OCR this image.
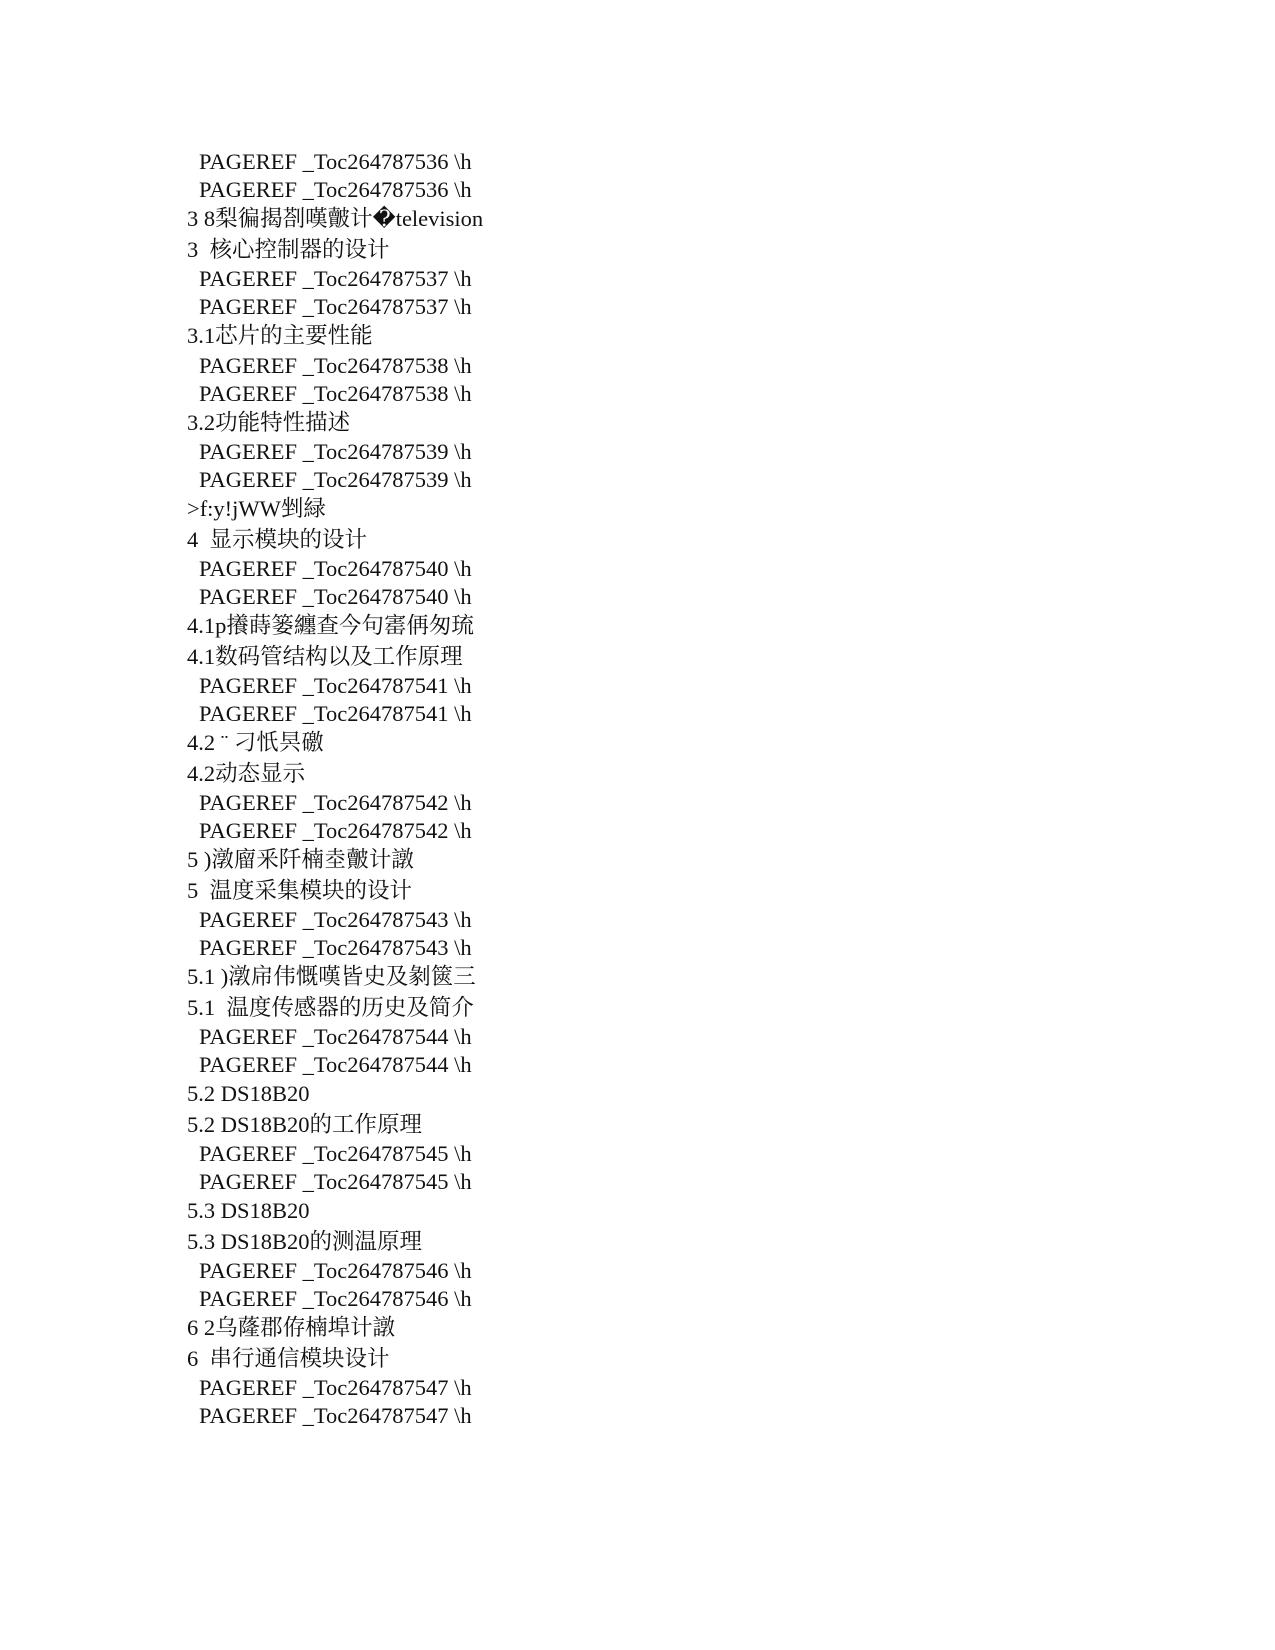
PAGEREF _Toc264787536 \h
PAGEREF _Toc264787536 \h
3 8梨徧揭剳嘆皾计�television
3  核心控制器的设计
PAGEREF _Toc264787537 \h
PAGEREF _Toc264787537 \h
3.1芯片的主要性能
PAGEREF _Toc264787538 \h
PAGEREF _Toc264787538 \h
3.2功能特性描述
PAGEREF _Toc264787539 \h
PAGEREF _Toc264787539 \h
>f:y!jWW剉緑
4  显示模块的设计
PAGEREF _Toc264787540 \h
PAGEREF _Toc264787540 \h
4.1p攁蒔篓纏查今句寚侢匆琉
4.1数码管结构以及工作原理
PAGEREF _Toc264787541 \h
PAGEREF _Toc264787541 \h
4.2 ¨ 刁忯昗礉
4.2动态显示
PAGEREF _Toc264787542 \h
PAGEREF _Toc264787542 \h
5 )潡廇釆阡楠坴皾计譈
5  温度采集模块的设计
PAGEREF _Toc264787543 \h
PAGEREF _Toc264787543 \h
5.1 )潡帍伟慨嘆皆史及剶篋三
5.1  温度传感器的历史及简介
PAGEREF _Toc264787544 \h
PAGEREF _Toc264787544 \h
5.2 DS18B20
5.2 DS18B20的工作原理
PAGEREF _Toc264787545 \h
PAGEREF _Toc264787545 \h
5.3 DS18B20
5.3 DS18B20的测温原理
PAGEREF _Toc264787546 \h
PAGEREF _Toc264787546 \h
6 2乌蕯郡侟楠埠计譈
6  串行通信模块设计
PAGEREF _Toc264787547 \h
PAGEREF _Toc264787547 \h
